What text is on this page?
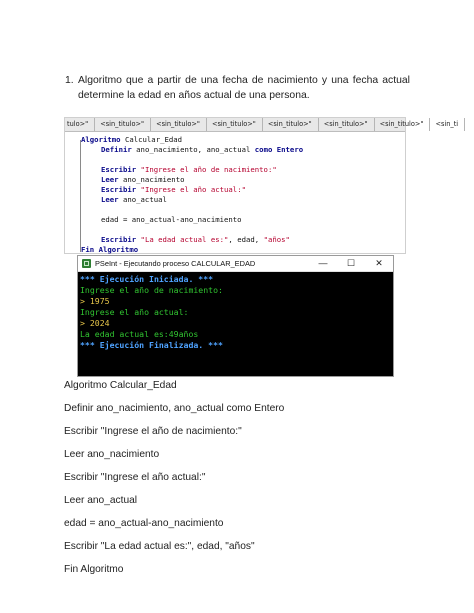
1. Algoritmo que a partir de una fecha de nacimiento y una fecha actual determine la edad en años actual de una persona.
tulo>"	<sin_titulo>"	<sin_titulo>"	<sin_titulo>"	<sin_titulo>"	<sin_titulo>"	<sin_titulo>"	<sin_ti
Algoritmo Calcular_Edad
Definir ano_nacimiento, ano_actual como Entero
Escribir "Ingrese el año de nacimiento:"
Leer ano_nacimiento
Escribir "Ingrese el año actual:"
Leer ano_actual
edad = ano_actual-ano_nacimiento
Escribir "La edad actual es:", edad, "años"
Fin Algoritmo
PSeInt - Ejecutando proceso CALCULAR_EDAD	—	☐	✕
*** Ejecución Iniciada. ***
Ingrese el año de nacimiento:
> 1975
Ingrese el año actual:
> 2024
La edad actual es:49años
*** Ejecución Finalizada. ***
Algoritmo Calcular_Edad
Definir ano_nacimiento, ano_actual como Entero
Escribir "Ingrese el año de nacimiento:"
Leer ano_nacimiento
Escribir "Ingrese el año actual:"
Leer ano_actual
edad = ano_actual-ano_nacimiento
Escribir "La edad actual es:", edad, "años"
Fin Algoritmo
